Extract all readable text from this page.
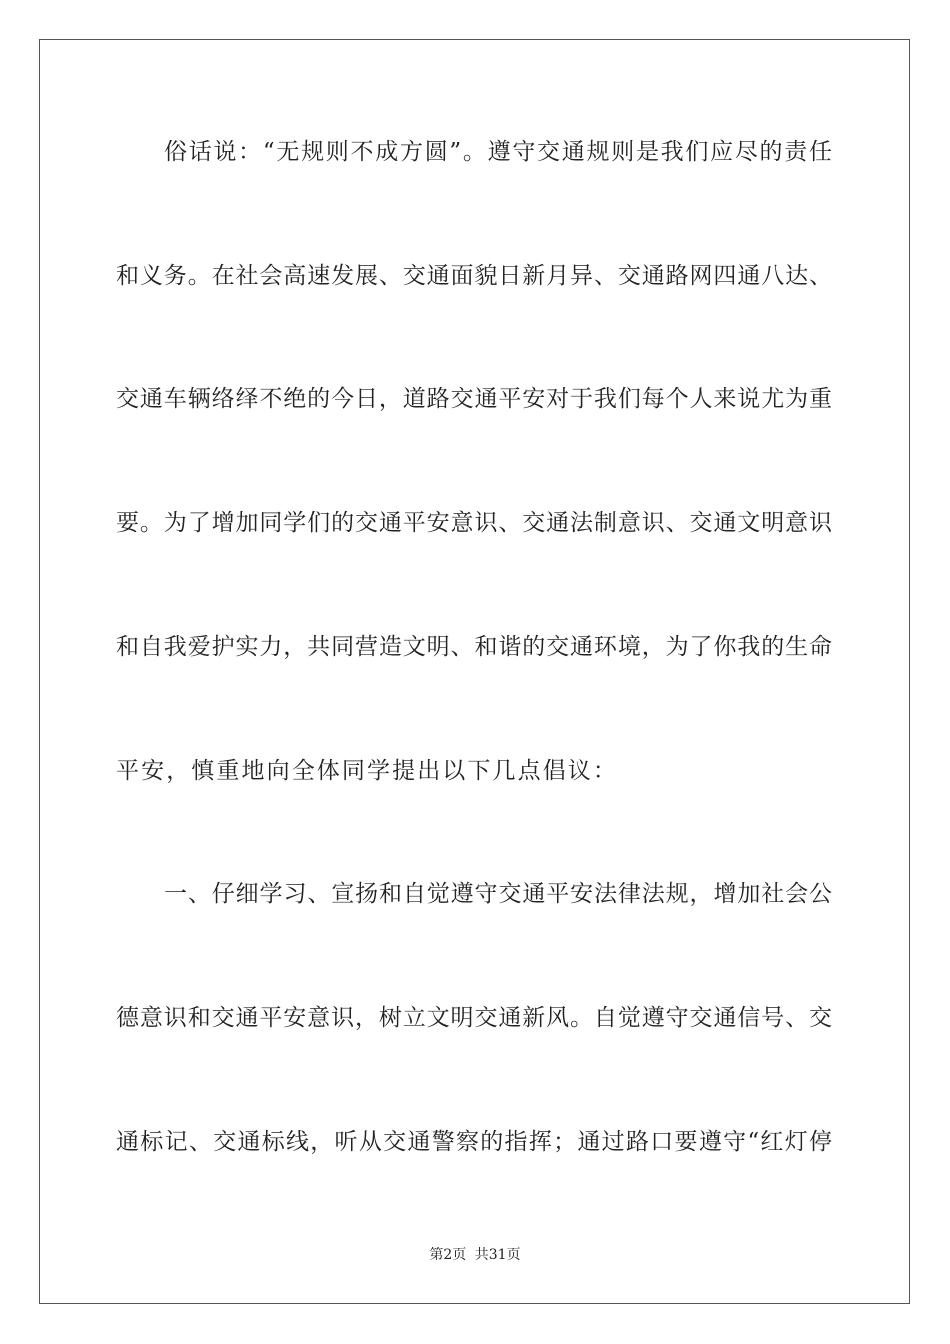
俗话说：“无规则不成方圆”。遵守交通规则是我们应尽的责任
和义务。在社会高速发展、交通面貌日新月异、交通路网四通八达、
交通车辆络绎不绝的今日，道路交通平安对于我们每个人来说尤为重
要。为了增加同学们的交通平安意识、交通法制意识、交通文明意识
和自我爱护实力，共同营造文明、和谐的交通环境，为了你我的生命
平安，慎重地向全体同学提出以下几点倡议：
一、仔细学习、宣扬和自觉遵守交通平安法律法规，增加社会公
德意识和交通平安意识，树立文明交通新风。自觉遵守交通信号、交
通标记、交通标线，听从交通警察的指挥；通过路口要遵守“红灯停
第2页 共31页
